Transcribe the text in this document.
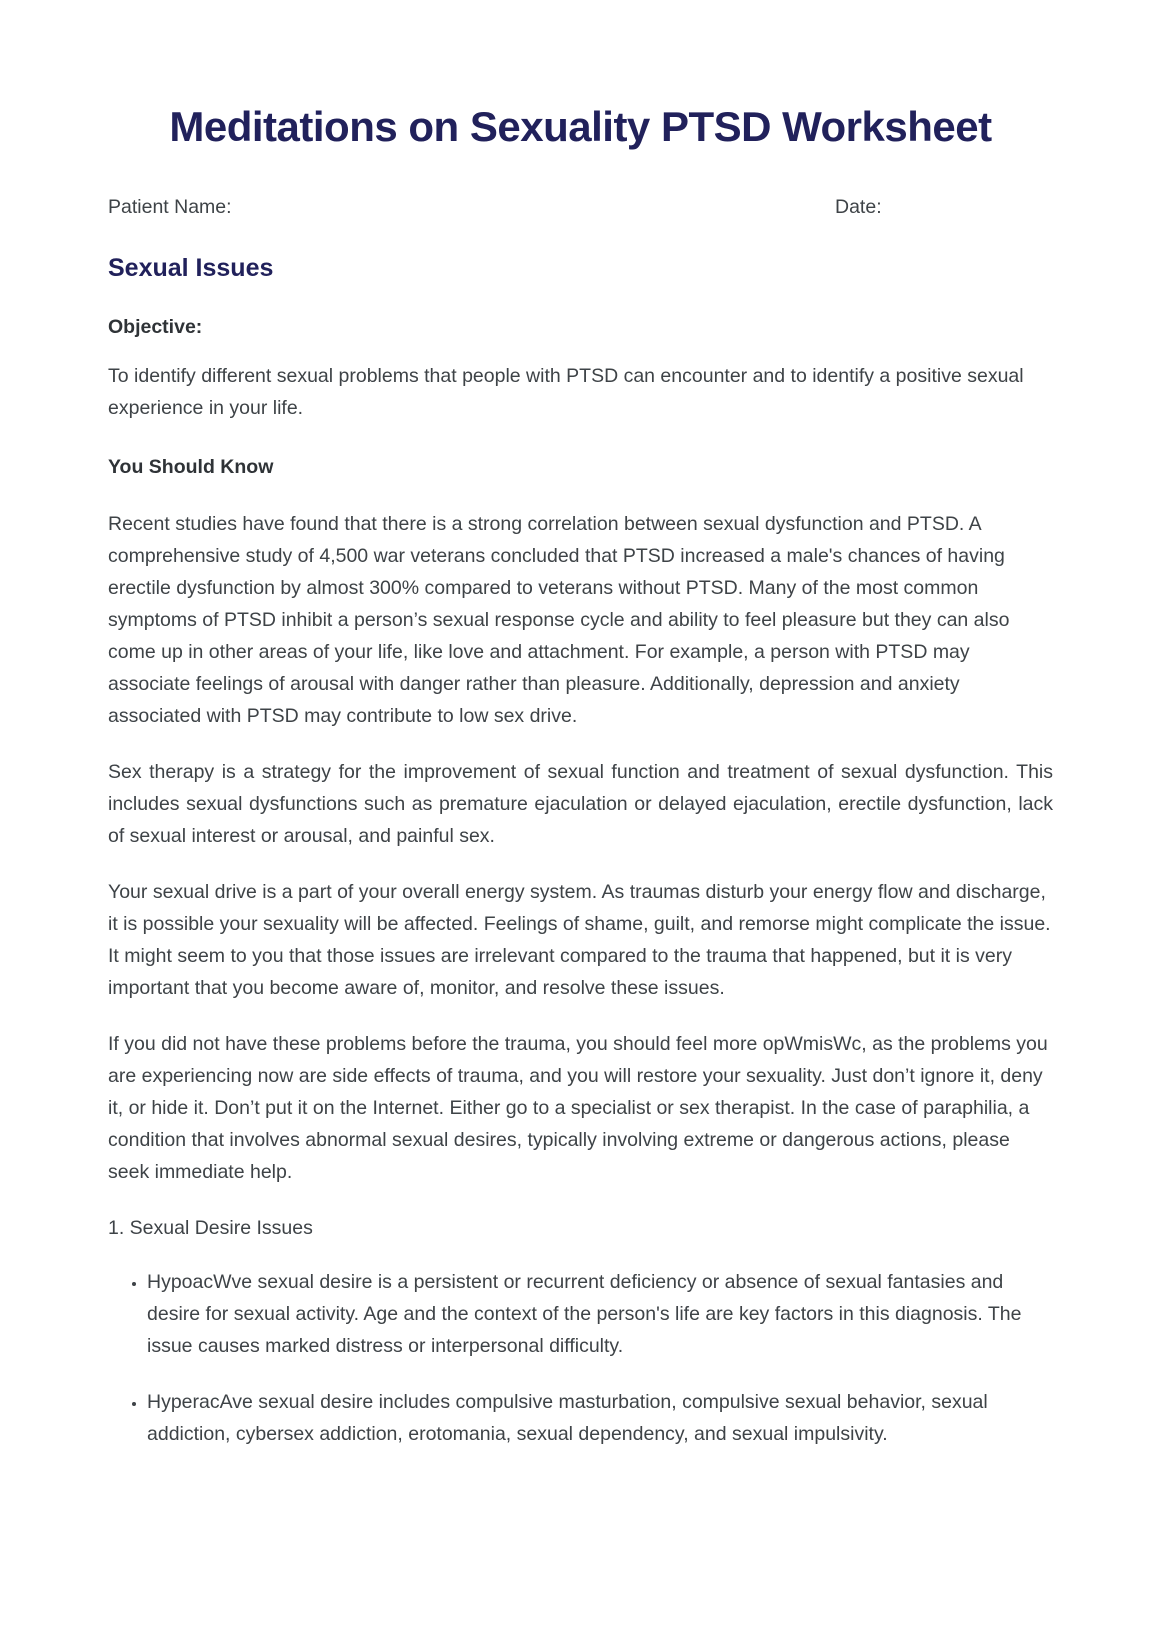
Meditations on Sexuality PTSD Worksheet
Patient Name:	Date:
Sexual Issues
Objective:

To identify different sexual problems that people with PTSD can encounter and to identify a positive sexual experience in your life.

You Should Know

Recent studies have found that there is a strong correlation between sexual dysfunction and PTSD. A comprehensive study of 4,500 war veterans concluded that PTSD increased a male's chances of having erectile dysfunction by almost 300% compared to veterans without PTSD. Many of the most common symptoms of PTSD inhibit a person’s sexual response cycle and ability to feel pleasure but they can also come up in other areas of your life, like love and attachment. For example, a person with PTSD may associate feelings of arousal with danger rather than pleasure. Additionally, depression and anxiety associated with PTSD may contribute to low sex drive.

Sex therapy is a strategy for the improvement of sexual function and treatment of sexual dysfunction. This includes sexual dysfunctions such as premature ejaculation or delayed ejaculation, erectile dysfunction, lack of sexual interest or arousal, and painful sex.

Your sexual drive is a part of your overall energy system. As traumas disturb your energy flow and discharge, it is possible your sexuality will be affected. Feelings of shame, guilt, and remorse might complicate the issue. It might seem to you that those issues are irrelevant compared to the trauma that happened, but it is very important that you become aware of, monitor, and resolve these issues.

If you did not have these problems before the trauma, you should feel more opWmisWc, as the problems you are experiencing now are side effects of trauma, and you will restore your sexuality. Just don’t ignore it, deny it, or hide it. Don’t put it on the Internet. Either go to a specialist or sex therapist. In the case of paraphilia, a condition that involves abnormal sexual desires, typically involving extreme or dangerous actions, please seek immediate help.

1. Sexual Desire Issues
• HypoacWve sexual desire is a persistent or recurrent deficiency or absence of sexual fantasies and desire for sexual activity. Age and the context of the person's life are key factors in this diagnosis. The issue causes marked distress or interpersonal difficulty.
• HyperacAve sexual desire includes compulsive masturbation, compulsive sexual behavior, sexual addiction, cybersex addiction, erotomania, sexual dependency, and sexual impulsivity.
